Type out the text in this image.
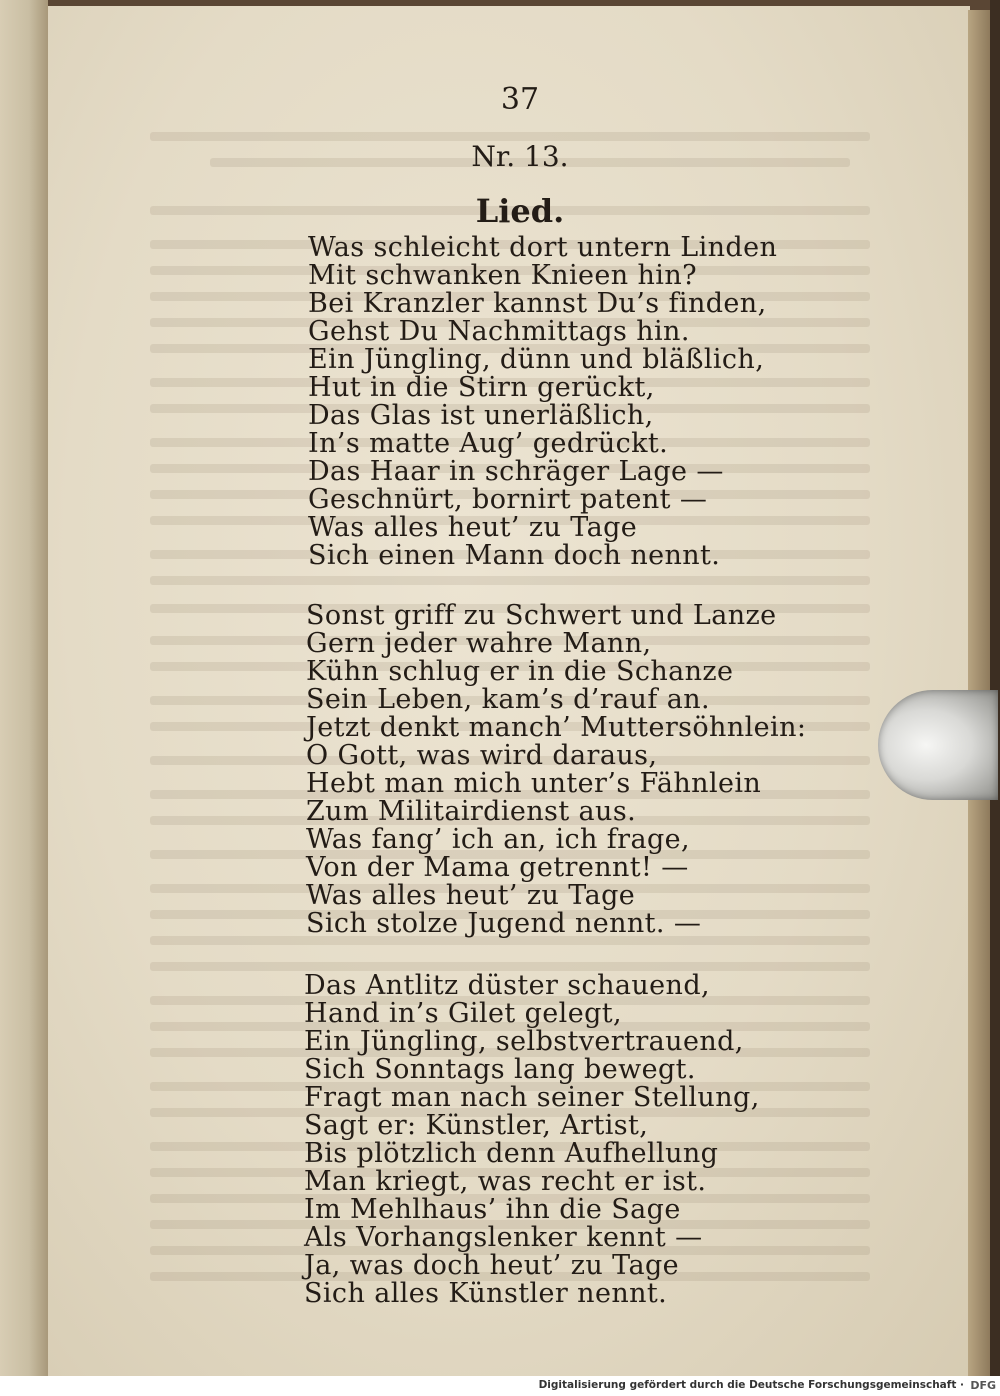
37
Nr. 13.
Lied.
Was schleicht dort untern Linden
Mit schwanken Knieen hin?
Bei Kranzler kannst Du’s finden,
Gehst Du Nachmittags hin.
Ein Jüngling, dünn und bläßlich,
Hut in die Stirn gerückt,
Das Glas ist unerläßlich,
In’s matte Aug’ gedrückt.
Das Haar in schräger Lage —
Geschnürt, bornirt patent —
Was alles heut’ zu Tage
Sich einen Mann doch nennt.
Sonst griff zu Schwert und Lanze
Gern jeder wahre Mann,
Kühn schlug er in die Schanze
Sein Leben, kam’s d’rauf an.
Jetzt denkt manch’ Muttersöhnlein:
O Gott, was wird daraus,
Hebt man mich unter’s Fähnlein
Zum Militairdienst aus.
Was fang’ ich an, ich frage,
Von der Mama getrennt! —
Was alles heut’ zu Tage
Sich stolze Jugend nennt. —
Das Antlitz düster schauend,
Hand in’s Gilet gelegt,
Ein Jüngling, selbstvertrauend,
Sich Sonntags lang bewegt.
Fragt man nach seiner Stellung,
Sagt er: Künstler, Artist,
Bis plötzlich denn Aufhellung
Man kriegt, was recht er ist.
Im Mehlhaus’ ihn die Sage
Als Vorhangslenker kennt —
Ja, was doch heut’ zu Tage
Sich alles Künstler nennt.
Digitalisierung gefördert durch die Deutsche Forschungsgemeinschaft · DFG
